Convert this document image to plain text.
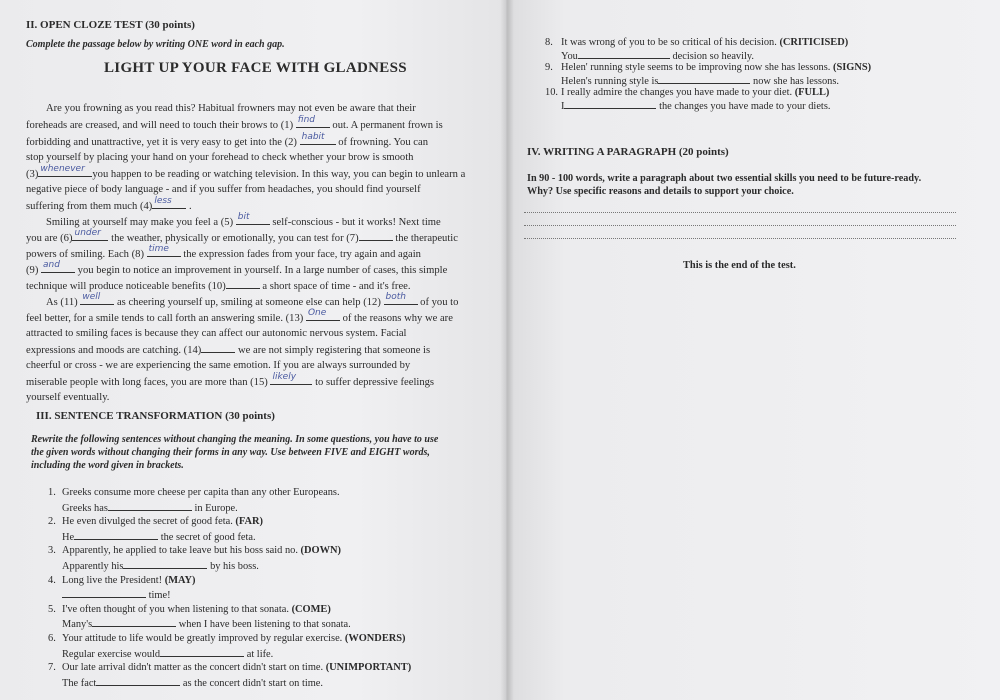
II. OPEN CLOZE TEST (30 points)
Complete the passage below by writing ONE word in each gap.
LIGHT UP YOUR FACE WITH GLADNESS
Are you frowning as you read this? Habitual frowners may not even be aware that their
foreheads are creased, and will need to touch their brows to (1) find out. A permanent frown is
forbidding and unattractive, yet it is very easy to get into the (2) habit of frowning. You can
stop yourself by placing your hand on your forehead to check whether your brow is smooth
(3) whenever you happen to be reading or watching television. In this way, you can begin to unlearn a
negative piece of body language - and if you suffer from headaches, you should find yourself
suffering from them much (4) less .
Smiling at yourself may make you feel a (5) bit self-conscious - but it works! Next time
you are (6) under the weather, physically or emotionally, you can test for (7)	the therapeutic
powers of smiling. Each (8) time the expression fades from your face, try again and again
(9) and you begin to notice an improvement in yourself. In a large number of cases, this simple
technique will produce noticeable benefits (10)	a short space of time - and it's free.
As (11) well as cheering yourself up, smiling at someone else can help (12) both of you to
feel better, for a smile tends to call forth an answering smile. (13) One of the reasons why we are
attracted to smiling faces is because they can affect our autonomic nervous system. Facial
expressions and moods are catching. (14)	we are not simply registering that someone is
cheerful or cross - we are experiencing the same emotion. If you are always surrounded by
miserable people with long faces, you are more than (15) likely to suffer depressive feelings
yourself eventually.
III. SENTENCE TRANSFORMATION (30 points)
Rewrite the following sentences without changing the meaning. In some questions, you have to use
the given words without changing their forms in any way. Use between FIVE and EIGHT words,
including the word given in brackets.
1. Greeks consume more cheese per capita than any other Europeans.
Greeks has	in Europe.
2. He even divulged the secret of good feta. (FAR)
He	the secret of good feta.
3. Apparently, he applied to take leave but his boss said no. (DOWN)
Apparently his	by his boss.
4. Long live the President! (MAY)
time!
5. I've often thought of you when listening to that sonata. (COME)
Many's	when I have been listening to that sonata.
6. Your attitude to life would be greatly improved by regular exercise. (WONDERS)
Regular exercise would	at life.
7. Our late arrival didn't matter as the concert didn't start on time. (UNIMPORTANT)
The fact	as the concert didn't start on time.
8. It was wrong of you to be so critical of his decision. (CRITICISED)
You	decision so heavily.
9. Helen' running style seems to be improving now she has lessons. (SIGNS)
Helen's running style is	now she has lessons.
10. I really admire the changes you have made to your diet. (FULL)
I	the changes you have made to your diets.
IV. WRITING A PARAGRAPH (20 points)
In 90 - 100 words, write a paragraph about two essential skills you need to be future-ready.
Why? Use specific reasons and details to support your choice.
This is the end of the test.
